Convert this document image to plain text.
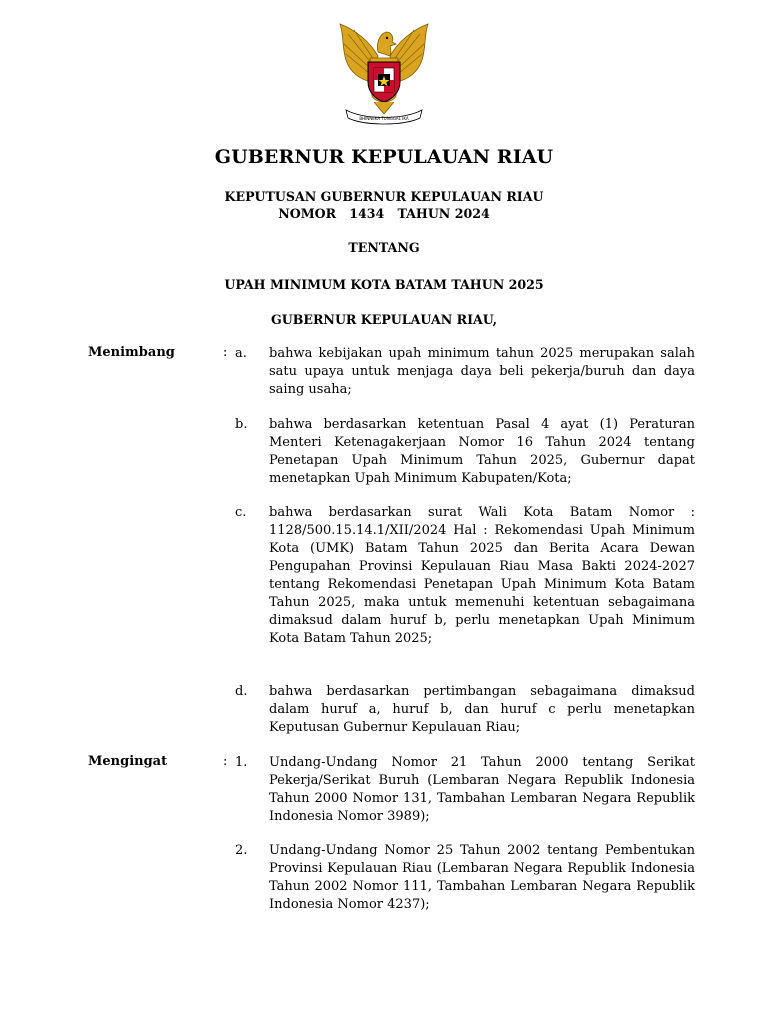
BHINNEKA TUNGGAL IKA
GUBERNUR KEPULAUAN RIAU
KEPUTUSAN GUBERNUR KEPULAUAN RIAU
NOMOR   1434   TAHUN 2024
TENTANG
UPAH MINIMUM KOTA BATAM TAHUN 2025
GUBERNUR KEPULAUAN RIAU,
Menimbang	: a.	bahwa kebijakan upah minimum tahun 2025 merupakan salah satu upaya untuk menjaga daya beli pekerja/buruh dan daya saing usaha;
b.	bahwa berdasarkan ketentuan Pasal 4 ayat (1) Peraturan Menteri Ketenagakerjaan Nomor 16 Tahun 2024 tentang Penetapan Upah Minimum Tahun 2025, Gubernur dapat menetapkan Upah Minimum Kabupaten/Kota;
c.	bahwa berdasarkan surat Wali Kota Batam Nomor : 1128/500.15.14.1/XII/2024 Hal : Rekomendasi Upah Minimum Kota (UMK) Batam Tahun 2025 dan Berita Acara Dewan Pengupahan Provinsi Kepulauan Riau Masa Bakti 2024-2027 tentang Rekomendasi Penetapan Upah Minimum Kota Batam Tahun 2025, maka untuk memenuhi ketentuan sebagaimana dimaksud dalam huruf b, perlu menetapkan Upah Minimum Kota Batam Tahun 2025;
d.	bahwa berdasarkan pertimbangan sebagaimana dimaksud dalam huruf a, huruf b, dan huruf c perlu menetapkan Keputusan Gubernur Kepulauan Riau;
Mengingat	: 1.	Undang-Undang Nomor 21 Tahun 2000 tentang Serikat Pekerja/Serikat Buruh (Lembaran Negara Republik Indonesia Tahun 2000 Nomor 131, Tambahan Lembaran Negara Republik Indonesia Nomor 3989);
2.	Undang-Undang Nomor 25 Tahun 2002 tentang Pembentukan Provinsi Kepulauan Riau (Lembaran Negara Republik Indonesia Tahun 2002 Nomor 111, Tambahan Lembaran Negara Republik Indonesia Nomor 4237);
